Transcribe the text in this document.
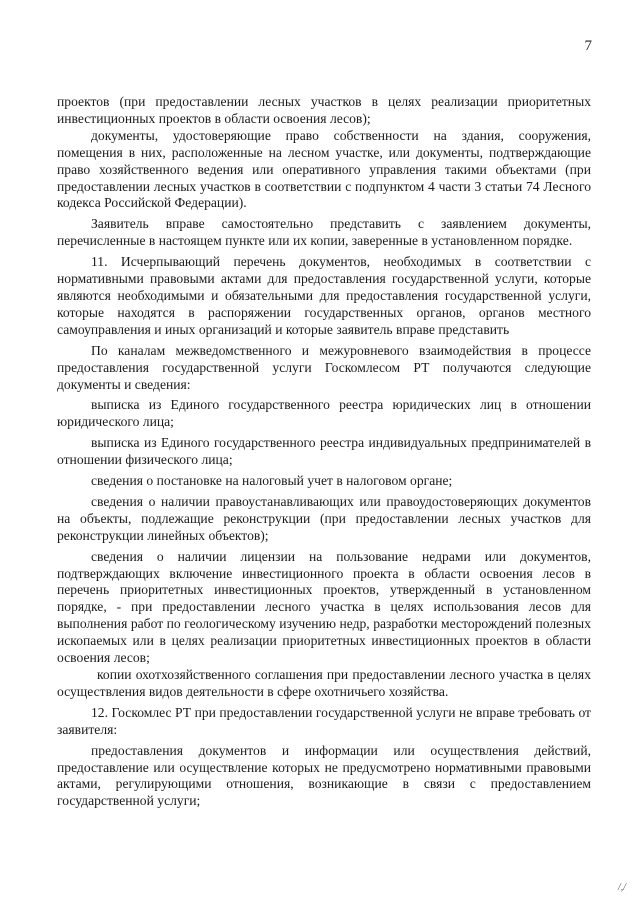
7

проектов (при предоставлении лесных участков в целях реализации приоритетных инвестиционных проектов в области освоения лесов);

документы, удостоверяющие право собственности на здания, сооружения, помещения в них, расположенные на лесном участке, или документы, подтверждающие право хозяйственного ведения или оперативного управления такими объектами (при предоставлении лесных участков в соответствии с подпунктом 4 части 3 статьи 74 Лесного кодекса Российской Федерации).

Заявитель вправе самостоятельно представить с заявлением документы, перечисленные в настоящем пункте или их копии, заверенные в установленном порядке.

11. Исчерпывающий перечень документов, необходимых в соответствии с нормативными правовыми актами для предоставления государственной услуги, которые являются необходимыми и обязательными для предоставления государственной услуги, которые находятся в распоряжении государственных органов, органов местного самоуправления и иных организаций и которые заявитель вправе представить

По каналам межведомственного и межуровневого взаимодействия в процессе предоставления государственной услуги Госкомлесом РТ получаются следующие документы и сведения:

выписка из Единого государственного реестра юридических лиц в отношении юридического лица;

выписка из Единого государственного реестра индивидуальных предпринимателей в отношении физического лица;

сведения о постановке на налоговый учет в налоговом органе;

сведения о наличии правоустанавливающих или правоудостоверяющих документов на объекты, подлежащие реконструкции (при предоставлении лесных участков для реконструкции линейных объектов);

сведения о наличии лицензии на пользование недрами или документов, подтверждающих включение инвестиционного проекта в области освоения лесов в перечень приоритетных инвестиционных проектов, утвержденный в установленном порядке, - при предоставлении лесного участка в целях использования лесов для выполнения работ по геологическому изучению недр, разработки месторождений полезных ископаемых или в целях реализации приоритетных инвестиционных проектов в области освоения лесов;

копии охотхозяйственного соглашения при предоставлении лесного участка в целях осуществления видов деятельности в сфере охотничьего хозяйства.

12. Госкомлес РТ при предоставлении государственной услуги не вправе требовать от заявителя:

предоставления документов и информации или осуществления действий, предоставление или осуществление которых не предусмотрено нормативными правовыми актами, регулирующими отношения, возникающие в связи с предоставлением государственной услуги;

/,/
